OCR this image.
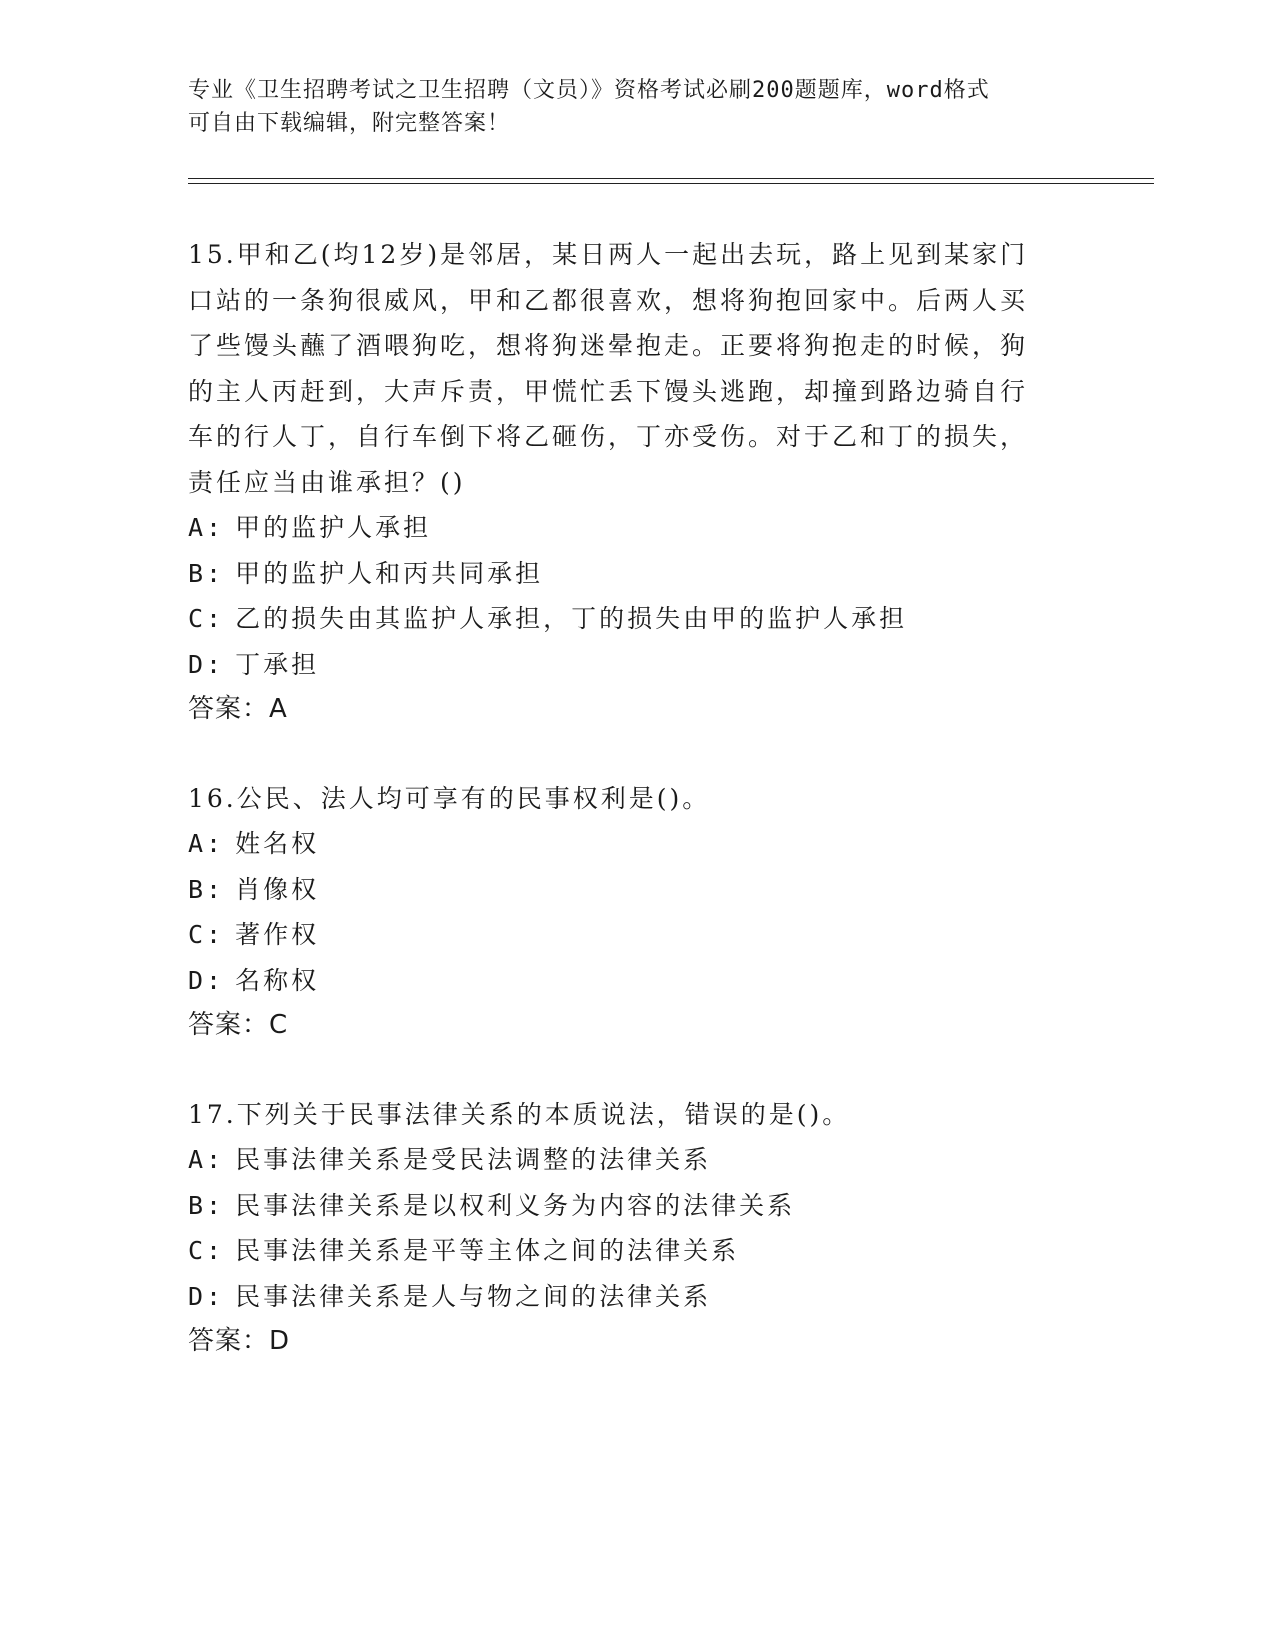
专业《卫生招聘考试之卫生招聘（文员）》资格考试必刷200题题库，word格式
可自由下载编辑，附完整答案！
15.甲和乙(均12岁)是邻居，某日两人一起出去玩，路上见到某家门
口站的一条狗很威风，甲和乙都很喜欢，想将狗抱回家中。后两人买
了些馒头蘸了酒喂狗吃，想将狗迷晕抱走。正要将狗抱走的时候，狗
的主人丙赶到，大声斥责，甲慌忙丢下馒头逃跑，却撞到路边骑自行
车的行人丁，自行车倒下将乙砸伤，丁亦受伤。对于乙和丁的损失，
责任应当由谁承担？()
A: 甲的监护人承担
B: 甲的监护人和丙共同承担
C: 乙的损失由其监护人承担，丁的损失由甲的监护人承担
D: 丁承担
答案：A
16.公民、法人均可享有的民事权利是()。
A: 姓名权
B: 肖像权
C: 著作权
D: 名称权
答案：C
17.下列关于民事法律关系的本质说法，错误的是()。
A: 民事法律关系是受民法调整的法律关系
B: 民事法律关系是以权利义务为内容的法律关系
C: 民事法律关系是平等主体之间的法律关系
D: 民事法律关系是人与物之间的法律关系
答案：D
